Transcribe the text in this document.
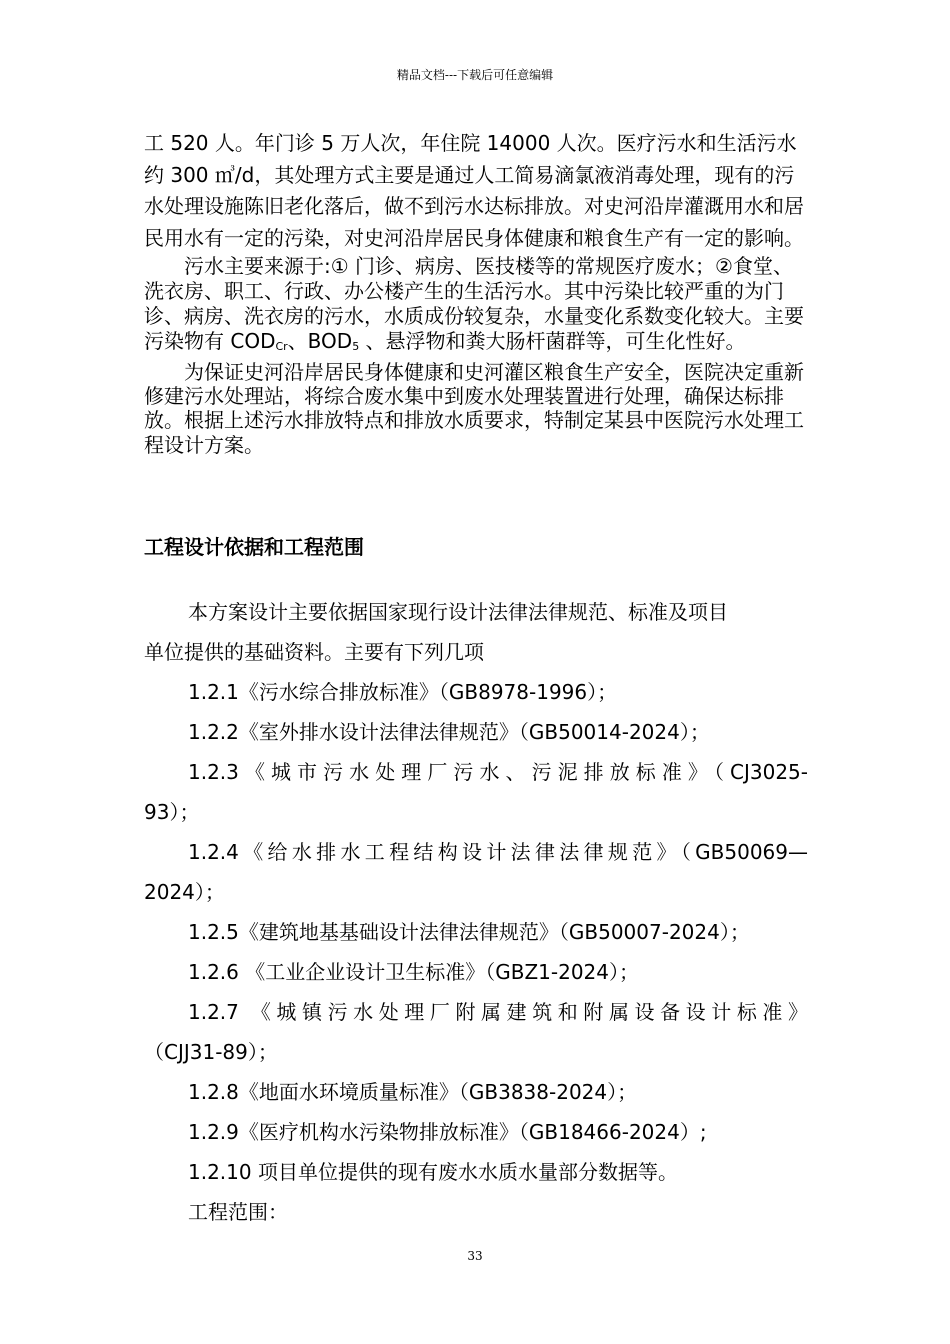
精品文档---下载后可任意编辑

工 520 人。年门诊 5 万人次，年住院 14000 人次。医疗污水和生活污水约 300 ㎥/d，其处理方式主要是通过人工简易滴氯液消毒处理，现有的污水处理设施陈旧老化落后，做不到污水达标排放。对史河沿岸灌溉用水和居民用水有一定的污染，对史河沿岸居民身体健康和粮食生产有一定的影响。

污水主要来源于:① 门诊、病房、医技楼等的常规医疗废水；②食堂、洗衣房、职工、行政、办公楼产生的生活污水。其中污染比较严重的为门诊、病房、洗衣房的污水，水质成份较复杂，水量变化系数变化较大。主要污染物有 $COD_{Cr}$、$BOD_5$ 、悬浮物和粪大肠杆菌群等，可生化性好。

为保证史河沿岸居民身体健康和史河灌区粮食生产安全，医院决定重新修建污水处理站，将综合废水集中到废水处理装置进行处理，确保达标排放。根据上述污水排放特点和排放水质要求，特制定某县中医院污水处理工程设计方案。

工程设计依据和工程范围

本方案设计主要依据国家现行设计法律法律规范、标准及项目

单位提供的基础资料。主要有下列几项

1.2.1《污水综合排放标准》（GB8978-1996）；

1.2.2《室外排水设计法律法律规范》（GB50014-2024）；

1.2.3《城市污水处理厂污水、污泥排放标准》（CJ3025-

93）；

1.2.4《给水排水工程结构设计法律法律规范》（GB50069—

2024）；

1.2.5《建筑地基基础设计法律法律规范》（GB50007-2024）；

1.2.6 《工业企业设计卫生标准》（GBZ1-2024）；

1.2.7 《城镇污水处理厂附属建筑和附属设备设计标准》

（CJJ31-89）；

1.2.8《地面水环境质量标准》（GB3838-2024）；

1.2.9《医疗机构水污染物排放标准》（GB18466-2024）;

1.2.10 项目单位提供的现有废水水质水量部分数据等。

工程范围：

33
